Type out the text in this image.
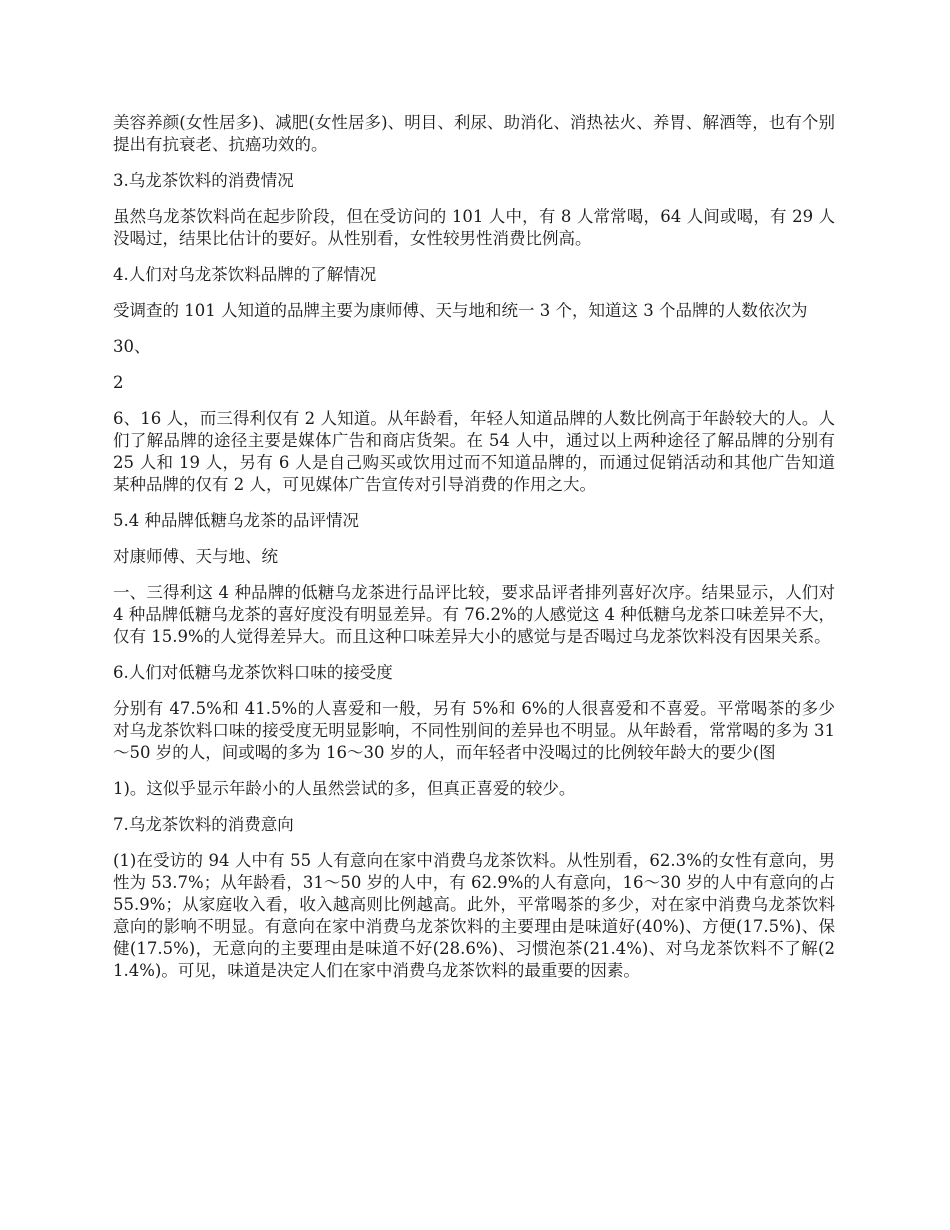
美容养颜(女性居多)、减肥(女性居多)、明目、利尿、助消化、消热祛火、养胃、解酒等，也有个别提出有抗衰老、抗癌功效的。

3.乌龙茶饮料的消费情况

虽然乌龙茶饮料尚在起步阶段，但在受访问的 101 人中，有 8 人常常喝，64 人间或喝，有 29 人没喝过，结果比估计的要好。从性别看，女性较男性消费比例高。

4.人们对乌龙茶饮料品牌的了解情况

受调查的 101 人知道的品牌主要为康师傅、天与地和统一 3 个，知道这 3 个品牌的人数依次为

30、

2

6、16 人，而三得利仅有 2 人知道。从年龄看，年轻人知道品牌的人数比例高于年龄较大的人。人们了解品牌的途径主要是媒体广告和商店货架。在 54 人中，通过以上两种途径了解品牌的分别有 25 人和 19 人，另有 6 人是自己购买或饮用过而不知道品牌的，而通过促销活动和其他广告知道某种品牌的仅有 2 人，可见媒体广告宣传对引导消费的作用之大。

5.4 种品牌低糖乌龙茶的品评情况

对康师傅、天与地、统

一、三得利这 4 种品牌的低糖乌龙茶进行品评比较，要求品评者排列喜好次序。结果显示，人们对 4 种品牌低糖乌龙茶的喜好度没有明显差异。有 76.2%的人感觉这 4 种低糖乌龙茶口味差异不大，仅有 15.9%的人觉得差异大。而且这种口味差异大小的感觉与是否喝过乌龙茶饮料没有因果关系。

6.人们对低糖乌龙茶饮料口味的接受度

分别有 47.5%和 41.5%的人喜爱和一般，另有 5%和 6%的人很喜爱和不喜爱。平常喝茶的多少对乌龙茶饮料口味的接受度无明显影响，不同性别间的差异也不明显。从年龄看，常常喝的多为 31～50 岁的人，间或喝的多为 16～30 岁的人，而年轻者中没喝过的比例较年龄大的要少(图

1)。这似乎显示年龄小的人虽然尝试的多，但真正喜爱的较少。

7.乌龙茶饮料的消费意向

(1)在受访的 94 人中有 55 人有意向在家中消费乌龙茶饮料。从性别看，62.3%的女性有意向，男性为 53.7%；从年龄看，31～50 岁的人中，有 62.9%的人有意向，16～30 岁的人中有意向的占 55.9%；从家庭收入看，收入越高则比例越高。此外，平常喝茶的多少，对在家中消费乌龙茶饮料意向的影响不明显。有意向在家中消费乌龙茶饮料的主要理由是味道好(40%)、方便(17.5%)、保健(17.5%)，无意向的主要理由是味道不好(28.6%)、习惯泡茶(21.4%)、对乌龙茶饮料不了解(21.4%)。可见，味道是决定人们在家中消费乌龙茶饮料的最重要的因素。
